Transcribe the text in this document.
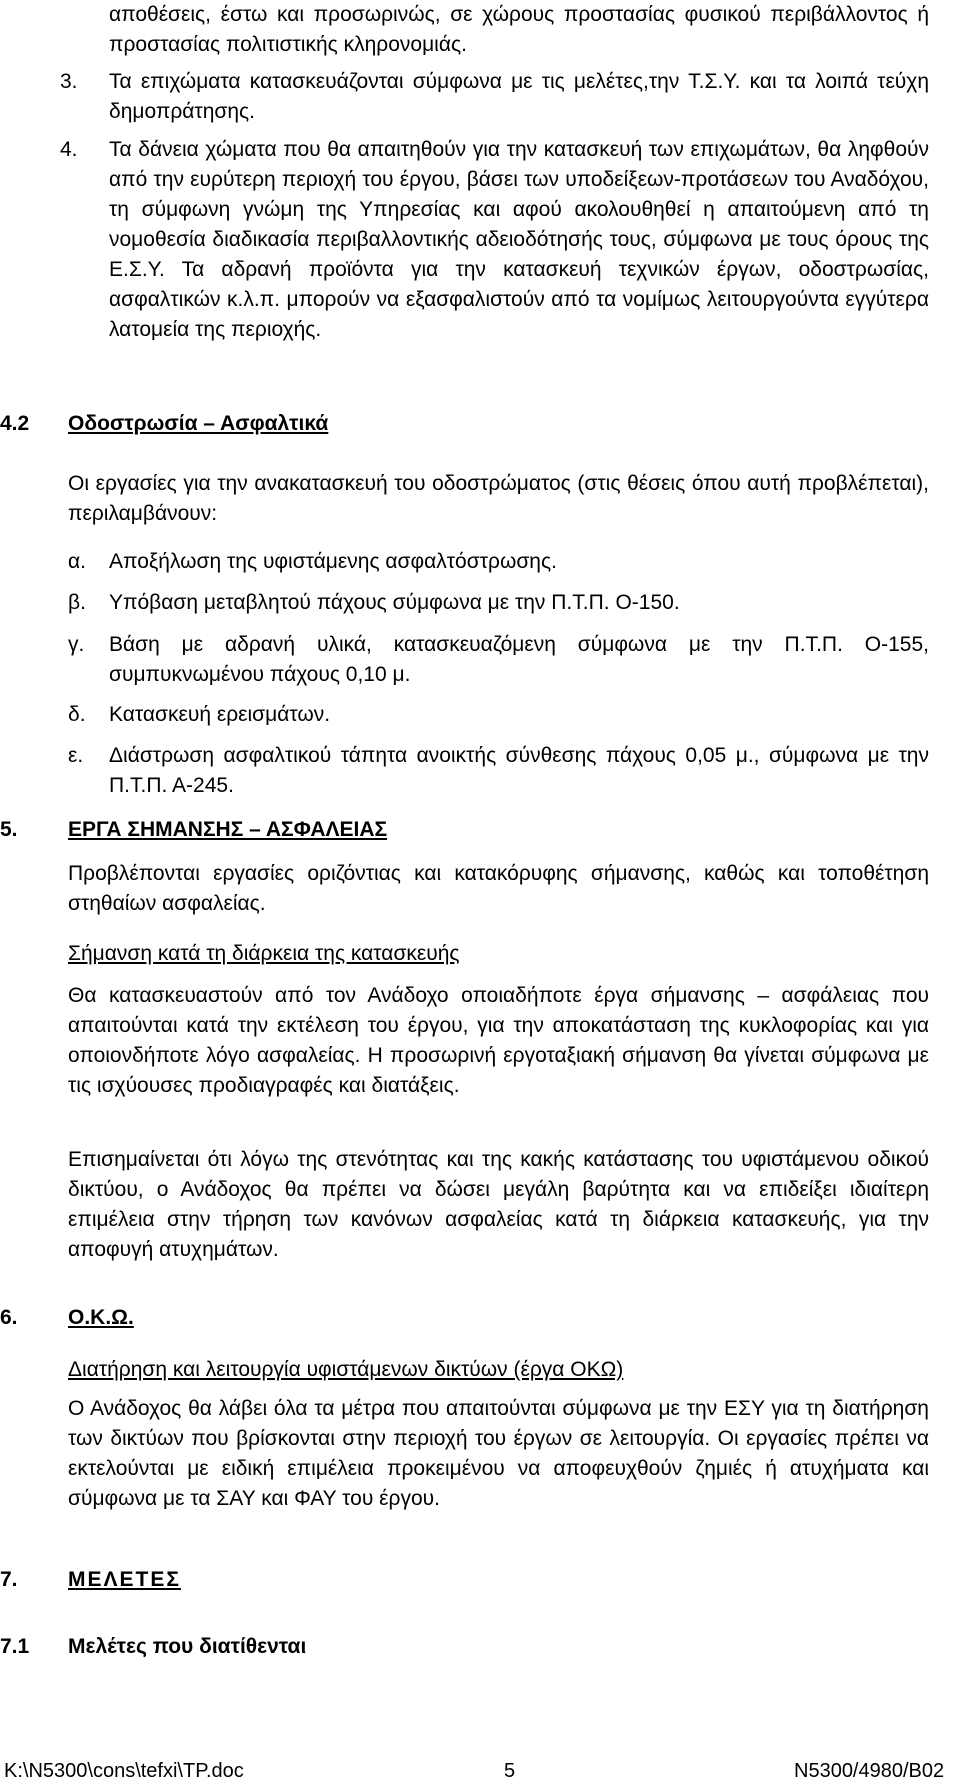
αποθέσεις, έστω και προσωρινώς, σε χώρους προστασίας φυσικού περιβάλλοντος ή προστασίας πολιτιστικής κληρονομιάς.

3.	Τα επιχώματα κατασκευάζονται σύμφωνα με τις μελέτες,την Τ.Σ.Υ. και τα λοιπά τεύχη δημοπράτησης.
4.	Τα δάνεια χώματα που θα απαιτηθούν για την κατασκευή των επιχωμάτων, θα ληφθούν από την ευρύτερη περιοχή του έργου, βάσει των υποδείξεων-προτάσεων του Αναδόχου, τη σύμφωνη γνώμη της Υπηρεσίας και αφού ακολουθηθεί η απαιτούμενη από τη νομοθεσία διαδικασία περιβαλλοντικής αδειοδότησής τους, σύμφωνα με τους όρους της Ε.Σ.Υ. Τα αδρανή προϊόντα για την κατασκευή τεχνικών έργων, οδοστρωσίας, ασφαλτικών κ.λ.π. μπορούν να εξασφαλιστούν από τα νομίμως λειτουργούντα εγγύτερα λατομεία της περιοχής.
4.2 Οδοστρωσία – Ασφαλτικά

Οι εργασίες για την ανακατασκευή του οδοστρώματος (στις θέσεις όπου αυτή προβλέπεται), περιλαμβάνουν:

α.	Αποξήλωση της υφιστάμενης ασφαλτόστρωσης.
β.	Υπόβαση μεταβλητού πάχους σύμφωνα με την Π.Τ.Π. Ο-150.
γ.	Βάση με αδρανή υλικά, κατασκευαζόμενη σύμφωνα με την Π.Τ.Π. Ο-155, συμπυκνωμένου πάχους 0,10 μ.
δ.	Κατασκευή ερεισμάτων.
ε.	Διάστρωση ασφαλτικού τάπητα ανοικτής σύνθεσης πάχους 0,05 μ., σύμφωνα με την Π.Τ.Π. Α-245.
5. ΕΡΓΑ ΣΗΜΑΝΣΗΣ – ΑΣΦΑΛΕΙΑΣ

Προβλέπονται εργασίες οριζόντιας και κατακόρυφης σήμανσης, καθώς και τοποθέτηση στηθαίων ασφαλείας.

Σήμανση κατά τη διάρκεια της κατασκευής

Θα κατασκευαστούν από τον Ανάδοχο οποιαδήποτε έργα σήμανσης – ασφάλειας που απαιτούνται κατά την εκτέλεση του έργου, για την αποκατάσταση της κυκλοφορίας και για οποιονδήποτε λόγο ασφαλείας. Η προσωρινή εργοταξιακή σήμανση θα γίνεται σύμφωνα με τις ισχύουσες προδιαγραφές και διατάξεις.

Επισημαίνεται ότι λόγω της στενότητας και της κακής κατάστασης του υφιστάμενου οδικού δικτύου, ο Ανάδοχος θα πρέπει να δώσει μεγάλη βαρύτητα και να επιδείξει ιδιαίτερη επιμέλεια στην τήρηση των κανόνων ασφαλείας κατά τη διάρκεια κατασκευής, για την αποφυγή ατυχημάτων.

6. Ο.Κ.Ω.

Διατήρηση και λειτουργία υφιστάμενων δικτύων (έργα ΟΚΩ)

Ο Ανάδοχος θα λάβει όλα τα μέτρα που απαιτούνται σύμφωνα με την ΕΣΥ για τη διατήρηση των δικτύων που βρίσκονται στην περιοχή του έργων σε λειτουργία. Οι εργασίες πρέπει να εκτελούνται με ειδική επιμέλεια προκειμένου να αποφευχθούν ζημιές ή ατυχήματα και σύμφωνα με τα ΣΑΥ και ΦΑΥ του έργου.

7. ΜΕΛΕΤΕΣ
7.1 Μελέτες που διατίθενται
K:\N5300\cons\tefxi\TP.doc	5	N5300/4980/B02
